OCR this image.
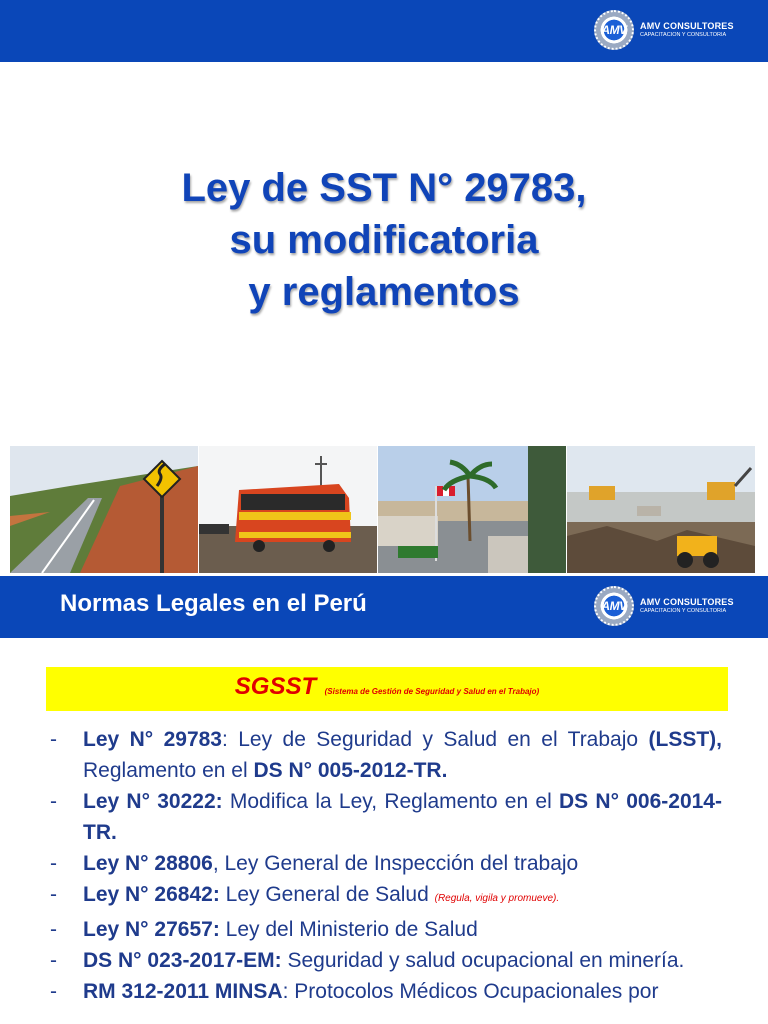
AMV AMV CONSULTORES
CAPACITACION Y CONSULTORIA
Ley de SST N° 29783,
su modificatoria
y reglamentos
Normas Legales en el Perú	AMV AMV CONSULTORES
CAPACITACION Y CONSULTORIA
SGSST (Sistema de Gestión de Seguridad y Salud en el Trabajo)
-	Ley N° 29783: Ley de Seguridad y Salud en el Trabajo (LSST), Reglamento en el DS N° 005-2012-TR.
-	Ley N° 30222: Modifica la Ley, Reglamento en el DS N° 006-2014-TR.
-	Ley N° 28806, Ley General de Inspección del trabajo
-	Ley N° 26842: Ley General de Salud (Regula, vigila y promueve).
-	Ley N° 27657: Ley del Ministerio de Salud
-	DS N° 023-2017-EM: Seguridad y salud ocupacional en minería.
-	RM 312-2011 MINSA: Protocolos Médicos Ocupacionales por
